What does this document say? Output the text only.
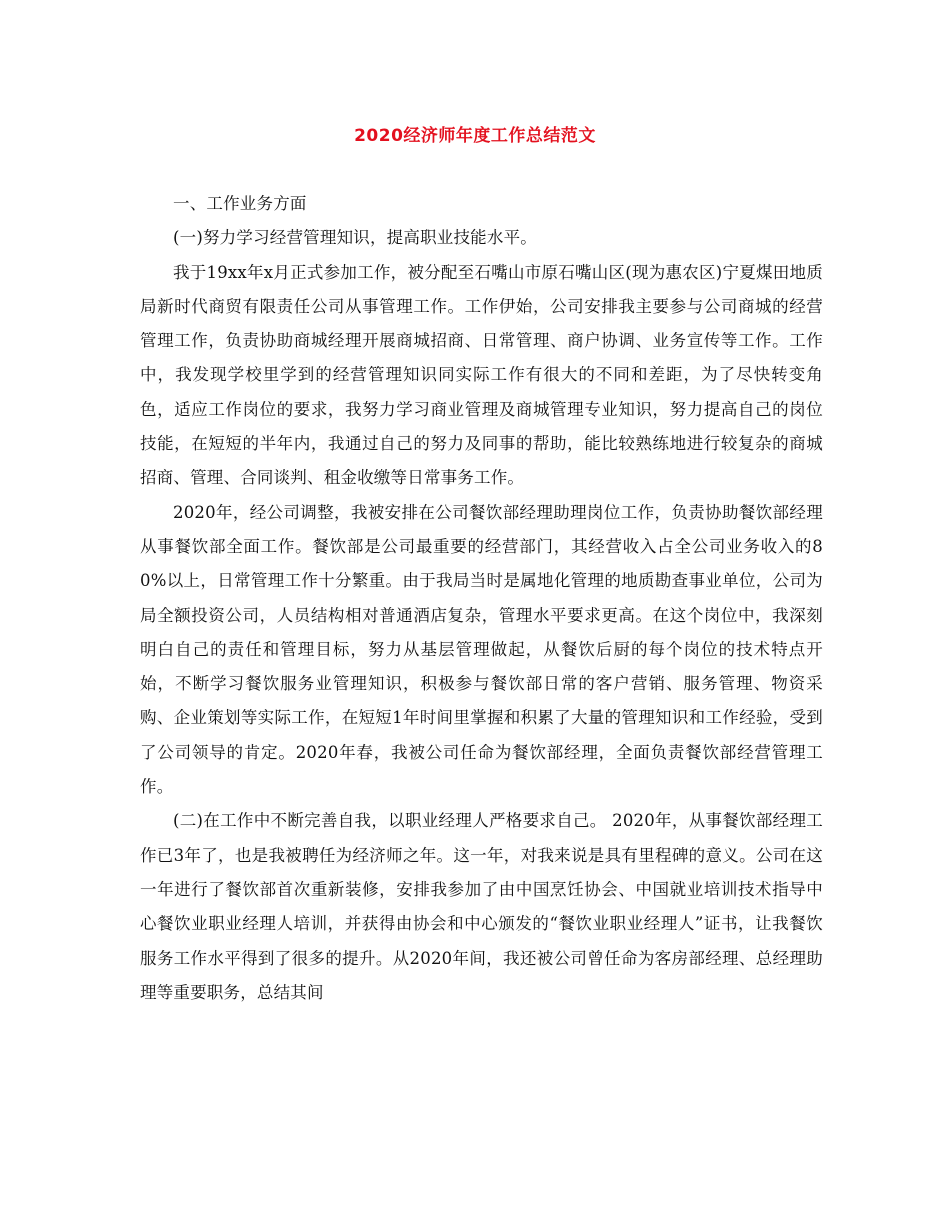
2020经济师年度工作总结范文

一、工作业务方面

(一)努力学习经营管理知识，提高职业技能水平。

我于19xx年x月正式参加工作，被分配至石嘴山市原石嘴山区(现为惠农区)宁夏煤田地质局新时代商贸有限责任公司从事管理工作。工作伊始，公司安排我主要参与公司商城的经营管理工作，负责协助商城经理开展商城招商、日常管理、商户协调、业务宣传等工作。工作中，我发现学校里学到的经营管理知识同实际工作有很大的不同和差距，为了尽快转变角色，适应工作岗位的要求，我努力学习商业管理及商城管理专业知识，努力提高自己的岗位技能，在短短的半年内，我通过自己的努力及同事的帮助，能比较熟练地进行较复杂的商城招商、管理、合同谈判、租金收缴等日常事务工作。

2020年，经公司调整，我被安排在公司餐饮部经理助理岗位工作，负责协助餐饮部经理从事餐饮部全面工作。餐饮部是公司最重要的经营部门，其经营收入占全公司业务收入的80%以上，日常管理工作十分繁重。由于我局当时是属地化管理的地质勘查事业单位，公司为局全额投资公司，人员结构相对普通酒店复杂，管理水平要求更高。在这个岗位中，我深刻明白自己的责任和管理目标，努力从基层管理做起，从餐饮后厨的每个岗位的技术特点开始，不断学习餐饮服务业管理知识，积极参与餐饮部日常的客户营销、服务管理、物资采购、企业策划等实际工作，在短短1年时间里掌握和积累了大量的管理知识和工作经验，受到了公司领导的肯定。2020年春，我被公司任命为餐饮部经理，全面负责餐饮部经营管理工作。

(二)在工作中不断完善自我，以职业经理人严格要求自己。 2020年，从事餐饮部经理工作已3年了，也是我被聘任为经济师之年。这一年，对我来说是具有里程碑的意义。公司在这一年进行了餐饮部首次重新装修，安排我参加了由中国烹饪协会、中国就业培训技术指导中心餐饮业职业经理人培训，并获得由协会和中心颁发的“餐饮业职业经理人”证书，让我餐饮服务工作水平得到了很多的提升。从2020年间，我还被公司曾任命为客房部经理、总经理助理等重要职务，总结其间
